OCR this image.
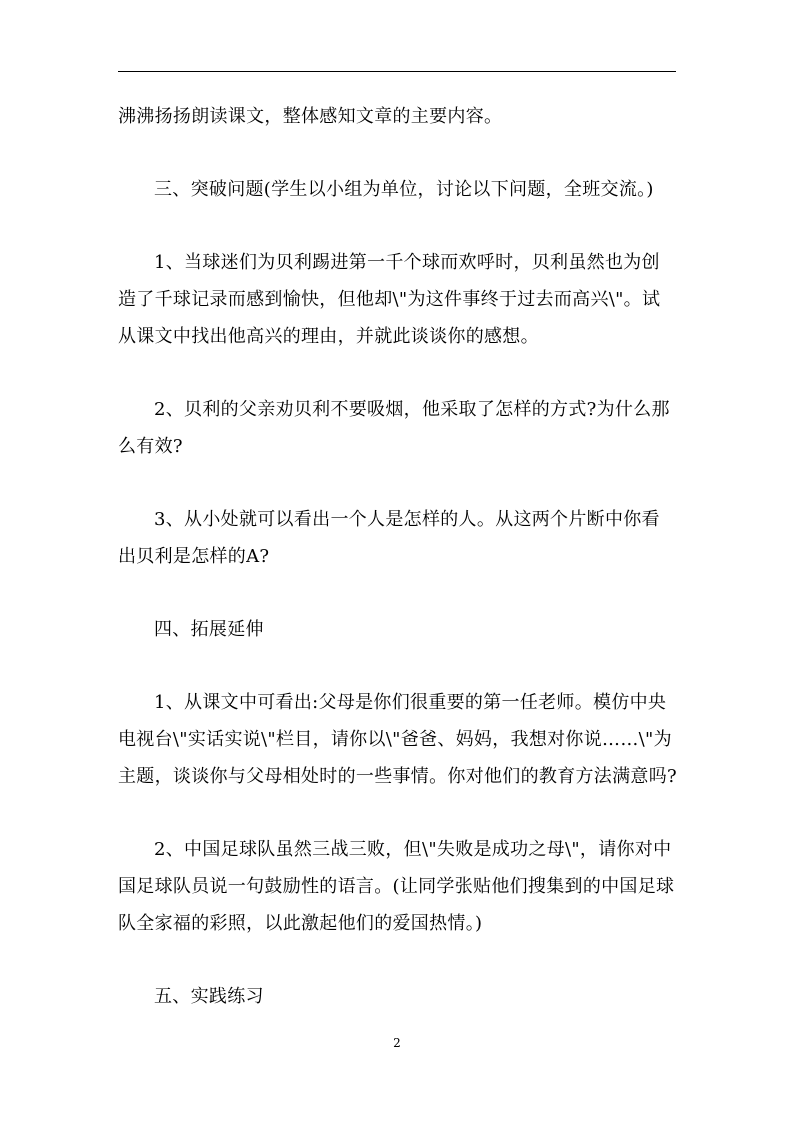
沸沸扬扬朗读课文，整体感知文章的主要内容。

三、突破问题(学生以小组为单位，讨论以下问题，全班交流。)

1、当球迷们为贝利踢进第一千个球而欢呼时，贝利虽然也为创造了千球记录而感到愉快，但他却\"为这件事终于过去而高兴\"。试从课文中找出他高兴的理由，并就此谈谈你的感想。

2、贝利的父亲劝贝利不要吸烟，他采取了怎样的方式?为什么那么有效?

3、从小处就可以看出一个人是怎样的人。从这两个片断中你看出贝利是怎样的A?

四、拓展延伸

1、从课文中可看出:父母是你们很重要的第一任老师。模仿中央电视台\"实话实说\"栏目，请你以\"爸爸、妈妈，我想对你说……\"为主题，谈谈你与父母相处时的一些事情。你对他们的教育方法满意吗?

2、中国足球队虽然三战三败，但\"失败是成功之母\"，请你对中国足球队员说一句鼓励性的语言。(让同学张贴他们搜集到的中国足球队全家福的彩照，以此激起他们的爱国热情。)

五、实践练习

2
